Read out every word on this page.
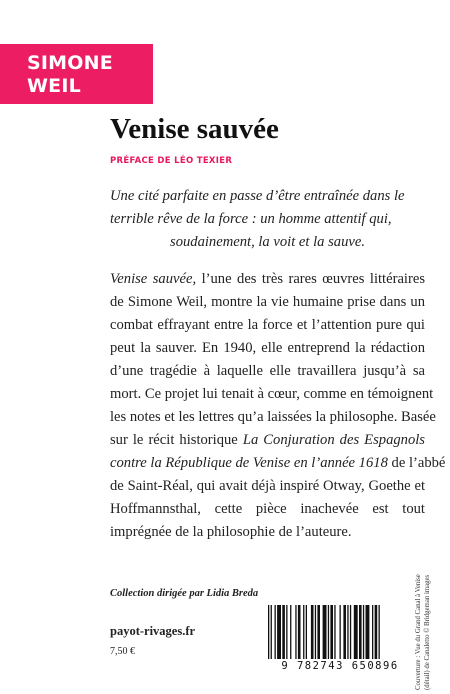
SIMONE
WEIL
Venise sauvée

PRÉFACE DE LÉO TEXIER

Une cité parfaite en passe d’être entraînée dans le
terrible rêve de la force : un homme attentif qui,
soudainement, la voit et la sauve.

Venise sauvée, l’une des très rares œuvres littéraires
de Simone Weil, montre la vie humaine prise dans un
combat effrayant entre la force et l’attention pure qui
peut la sauver. En 1940, elle entreprend la rédaction
d’une tragédie à laquelle elle travaillera jusqu’à sa
mort. Ce projet lui tenait à cœur, comme en témoignent
les notes et les lettres qu’a laissées la philosophe. Basée
sur le récit historique La Conjuration des Espagnols
contre la République de Venise en l’année 1618 de l’abbé
de Saint-Réal, qui avait déjà inspiré Otway, Goethe et
Hoffmannsthal, cette pièce inachevée est tout
imprégnée de la philosophie de l’auteure.

Collection dirigée par Lidia Breda

payot-rivages.fr

7,50 €

9 782743 650896	Couverture : Vue du Grand Canal à Venise (détail) de Canaletto © Bridgeman images
